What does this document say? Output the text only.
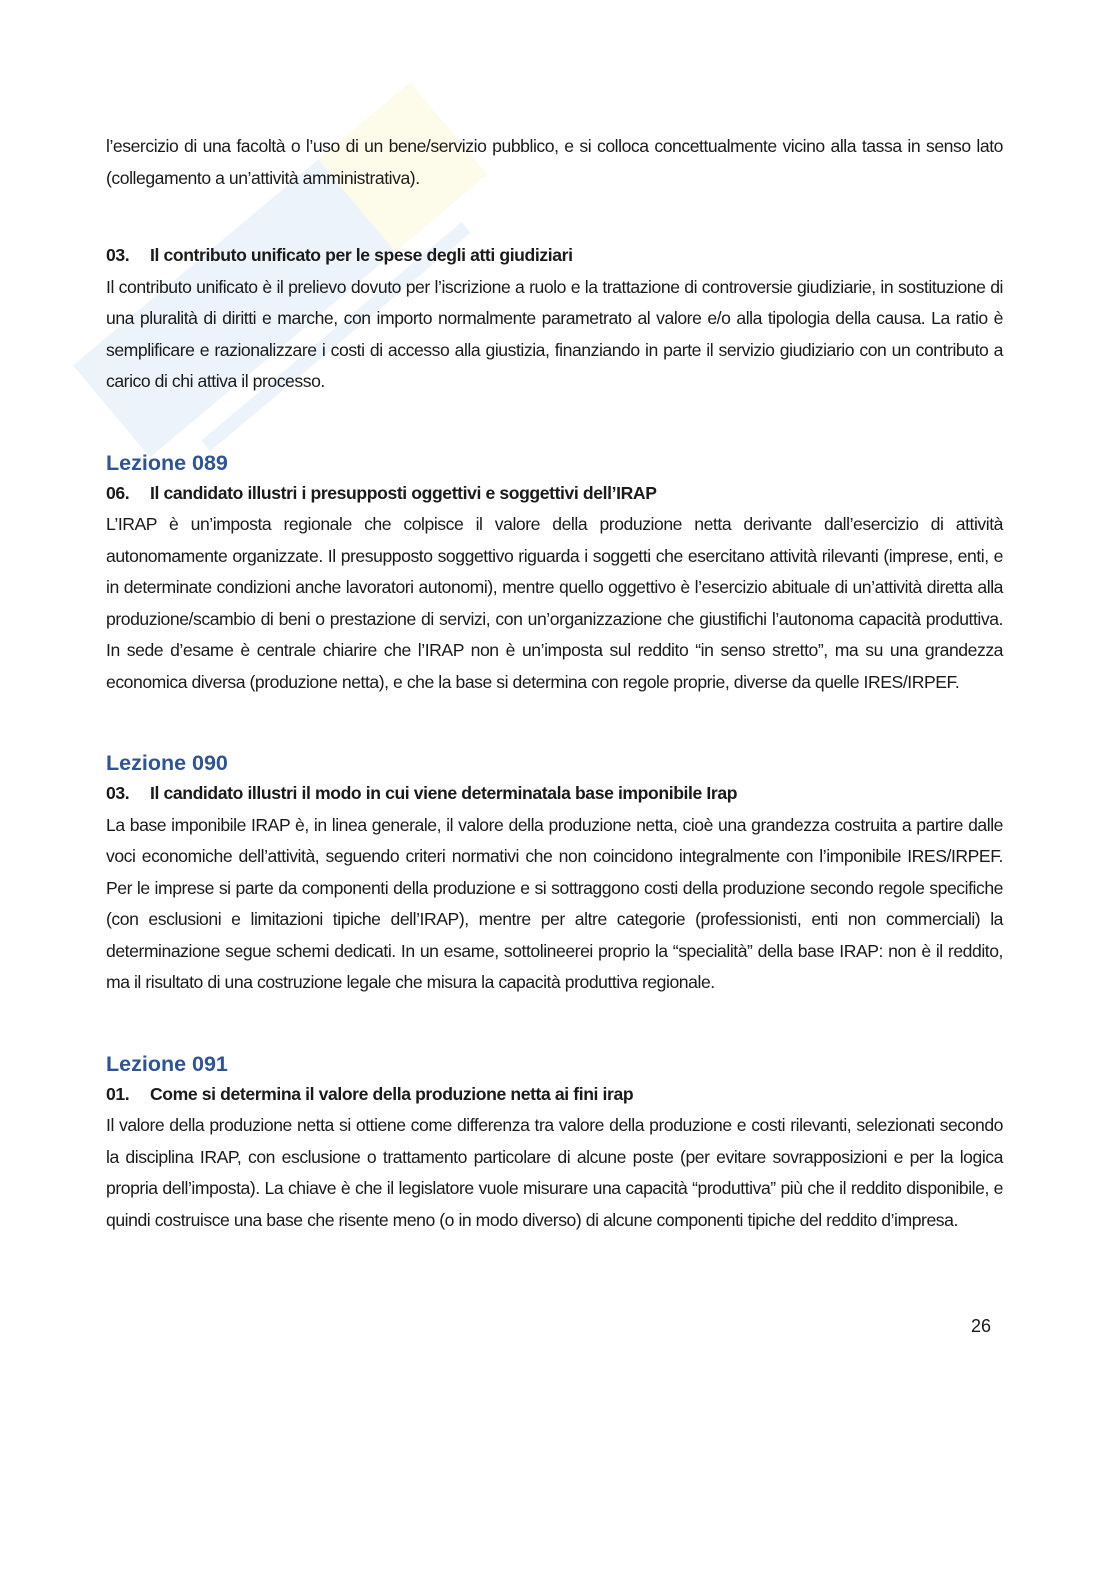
l’esercizio di una facoltà o l’uso di un bene/servizio pubblico, e si colloca concettualmente vicino alla tassa in senso lato (collegamento a un’attività amministrativa).

03. Il contributo unificato per le spese degli atti giudiziari

Il contributo unificato è il prelievo dovuto per l’iscrizione a ruolo e la trattazione di controversie giudiziarie, in sostituzione di una pluralità di diritti e marche, con importo normalmente parametrato al valore e/o alla tipologia della causa. La ratio è semplificare e razionalizzare i costi di accesso alla giustizia, finanziando in parte il servizio giudiziario con un contributo a carico di chi attiva il processo.

Lezione 089

06. Il candidato illustri i presupposti oggettivi e soggettivi dell’IRAP

L’IRAP è un’imposta regionale che colpisce il valore della produzione netta derivante dall’esercizio di attività autonomamente organizzate. Il presupposto soggettivo riguarda i soggetti che esercitano attività rilevanti (imprese, enti, e in determinate condizioni anche lavoratori autonomi), mentre quello oggettivo è l’esercizio abituale di un’attività diretta alla produzione/scambio di beni o prestazione di servizi, con un’organizzazione che giustifichi l’autonoma capacità produttiva. In sede d’esame è centrale chiarire che l’IRAP non è un’imposta sul reddito “in senso stretto”, ma su una grandezza economica diversa (produzione netta), e che la base si determina con regole proprie, diverse da quelle IRES/IRPEF.

Lezione 090

03. Il candidato illustri il modo in cui viene determinatala base imponibile Irap

La base imponibile IRAP è, in linea generale, il valore della produzione netta, cioè una grandezza costruita a partire dalle voci economiche dell’attività, seguendo criteri normativi che non coincidono integralmente con l’imponibile IRES/IRPEF. Per le imprese si parte da componenti della produzione e si sottraggono costi della produzione secondo regole specifiche (con esclusioni e limitazioni tipiche dell’IRAP), mentre per altre categorie (professionisti, enti non commerciali) la determinazione segue schemi dedicati. In un esame, sottolineerei proprio la “specialità” della base IRAP: non è il reddito, ma il risultato di una costruzione legale che misura la capacità produttiva regionale.

Lezione 091

01. Come si determina il valore della produzione netta ai fini irap

Il valore della produzione netta si ottiene come differenza tra valore della produzione e costi rilevanti, selezionati secondo la disciplina IRAP, con esclusione o trattamento particolare di alcune poste (per evitare sovrapposizioni e per la logica propria dell’imposta). La chiave è che il legislatore vuole misurare una capacità “produttiva” più che il reddito disponibile, e quindi costruisce una base che risente meno (o in modo diverso) di alcune componenti tipiche del reddito d’impresa.

26
